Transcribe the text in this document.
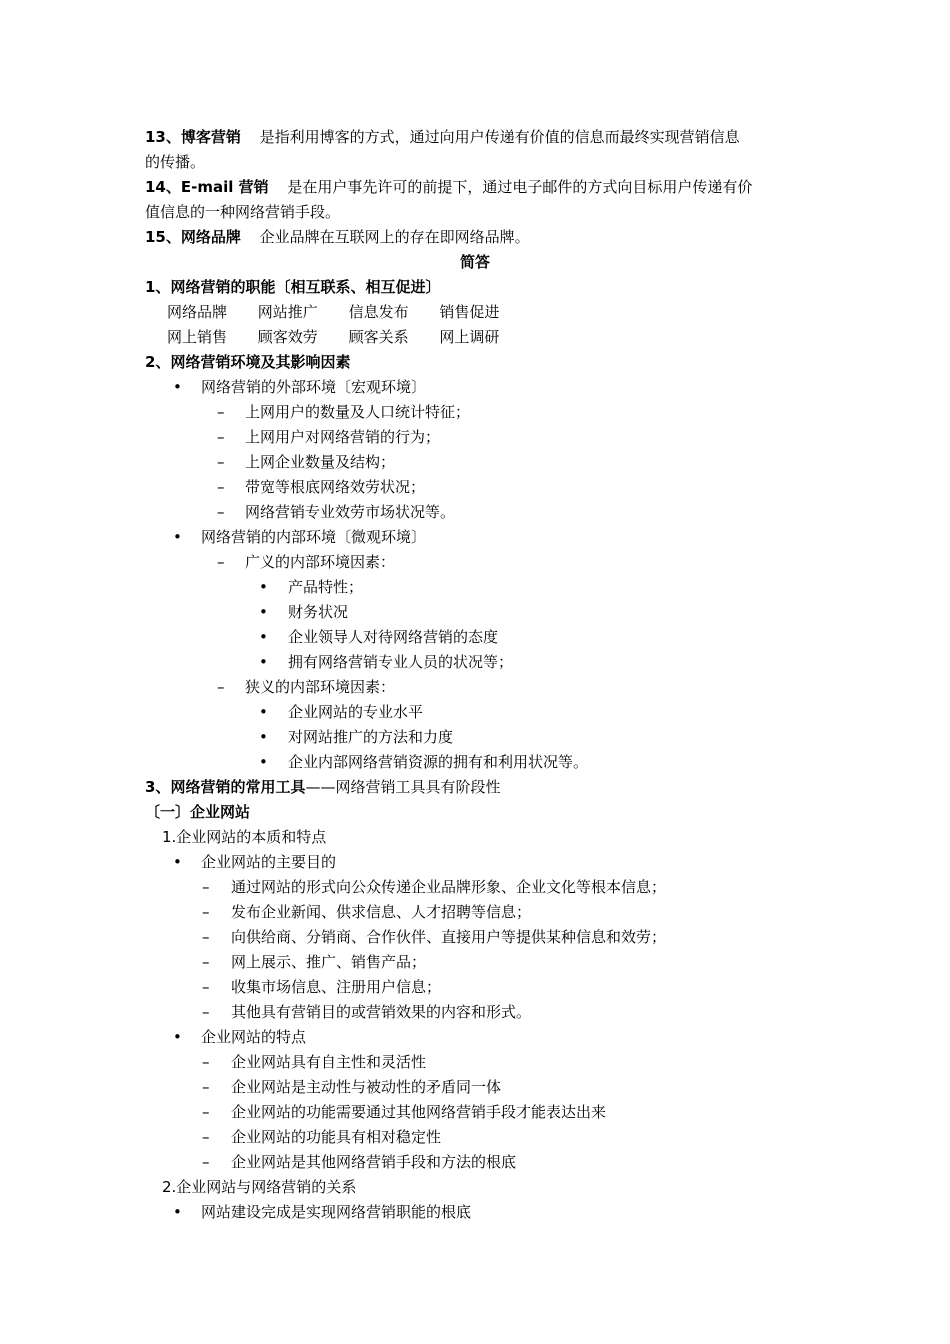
13、博客营销 是指利用博客的方式，通过向用户传递有价值的信息而最终实现营销信息
的传播。
14、E-mail 营销 是在用户事先许可的前提下，通过电子邮件的方式向目标用户传递有价
值信息的一种网络营销手段。
15、网络品牌 企业品牌在互联网上的存在即网络品牌。
简答
1、网络营销的职能〔相互联系、相互促进〕
网络品牌 网站推广 信息发布 销售促进
网上销售 顾客效劳 顾客关系 网上调研
2、网络营销环境及其影响因素
• 网络营销的外部环境〔宏观环境〕
– 上网用户的数量及人口统计特征；
– 上网用户对网络营销的行为；
– 上网企业数量及结构；
– 带宽等根底网络效劳状况；
– 网络营销专业效劳市场状况等。
• 网络营销的内部环境〔微观环境〕
– 广义的内部环境因素：
• 产品特性；
• 财务状况
• 企业领导人对待网络营销的态度
• 拥有网络营销专业人员的状况等；
– 狭义的内部环境因素：
• 企业网站的专业水平
• 对网站推广的方法和力度
• 企业内部网络营销资源的拥有和利用状况等。
3、网络营销的常用工具——网络营销工具具有阶段性
〔一〕企业网站
1.企业网站的本质和特点
• 企业网站的主要目的
– 通过网站的形式向公众传递企业品牌形象、企业文化等根本信息；
– 发布企业新闻、供求信息、人才招聘等信息；
– 向供给商、分销商、合作伙伴、直接用户等提供某种信息和效劳；
– 网上展示、推广、销售产品；
– 收集市场信息、注册用户信息；
– 其他具有营销目的或营销效果的内容和形式。
• 企业网站的特点
– 企业网站具有自主性和灵活性
– 企业网站是主动性与被动性的矛盾同一体
– 企业网站的功能需要通过其他网络营销手段才能表达出来
– 企业网站的功能具有相对稳定性
– 企业网站是其他网络营销手段和方法的根底
2.企业网站与网络营销的关系
• 网站建设完成是实现网络营销职能的根底
